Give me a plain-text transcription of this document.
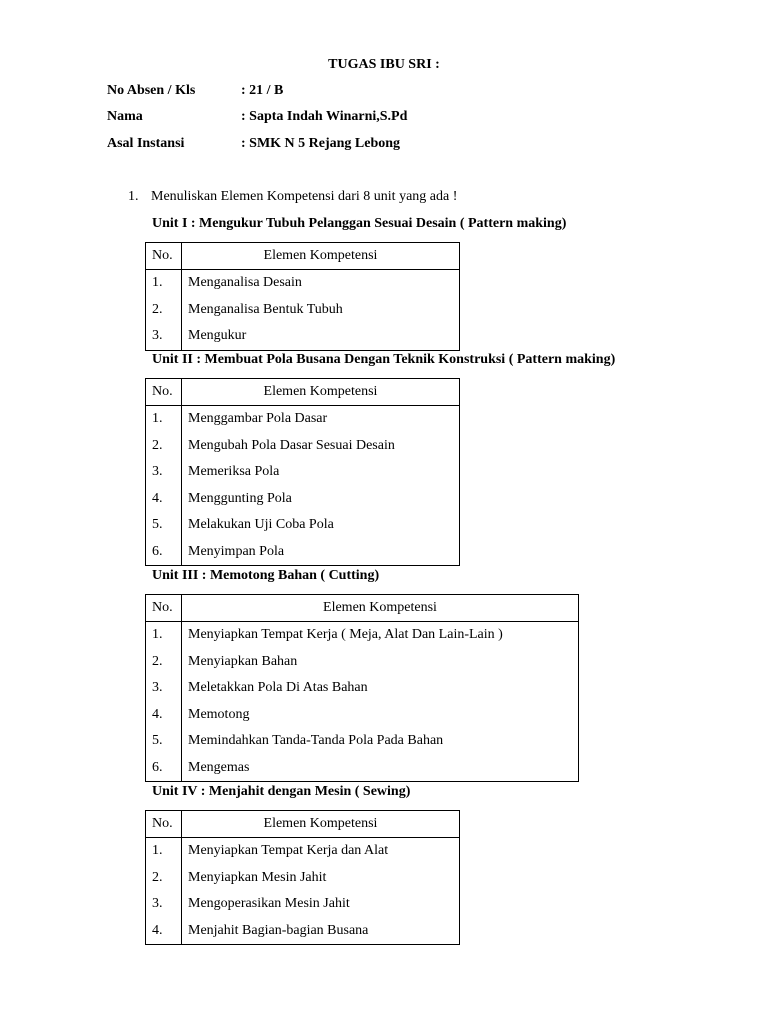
TUGAS IBU SRI :
No Absen / Kls	: 21 / B
Nama	: Sapta Indah Winarni,S.Pd
Asal Instansi	: SMK N 5 Rejang Lebong
1. Menuliskan Elemen Kompetensi dari 8 unit yang ada !
Unit I : Mengukur Tubuh Pelanggan Sesuai Desain ( Pattern making)
No.	Elemen Kompetensi
1.	Menganalisa Desain
2.	Menganalisa Bentuk Tubuh
3.	Mengukur
Unit II : Membuat Pola Busana Dengan Teknik Konstruksi ( Pattern making)
No.	Elemen Kompetensi
1.	Menggambar Pola Dasar
2.	Mengubah Pola Dasar Sesuai Desain
3.	Memeriksa Pola
4.	Menggunting Pola
5.	Melakukan Uji Coba Pola
6.	Menyimpan Pola
Unit III : Memotong Bahan ( Cutting)
No.	Elemen Kompetensi
1.	Menyiapkan Tempat Kerja ( Meja, Alat Dan Lain-Lain )
2.	Menyiapkan Bahan
3.	Meletakkan Pola Di Atas Bahan
4.	Memotong
5.	Memindahkan Tanda-Tanda Pola Pada Bahan
6.	Mengemas
Unit IV : Menjahit dengan Mesin ( Sewing)
No.	Elemen Kompetensi
1.	Menyiapkan Tempat Kerja dan Alat
2.	Menyiapkan Mesin Jahit
3.	Mengoperasikan Mesin Jahit
4.	Menjahit Bagian-bagian Busana
